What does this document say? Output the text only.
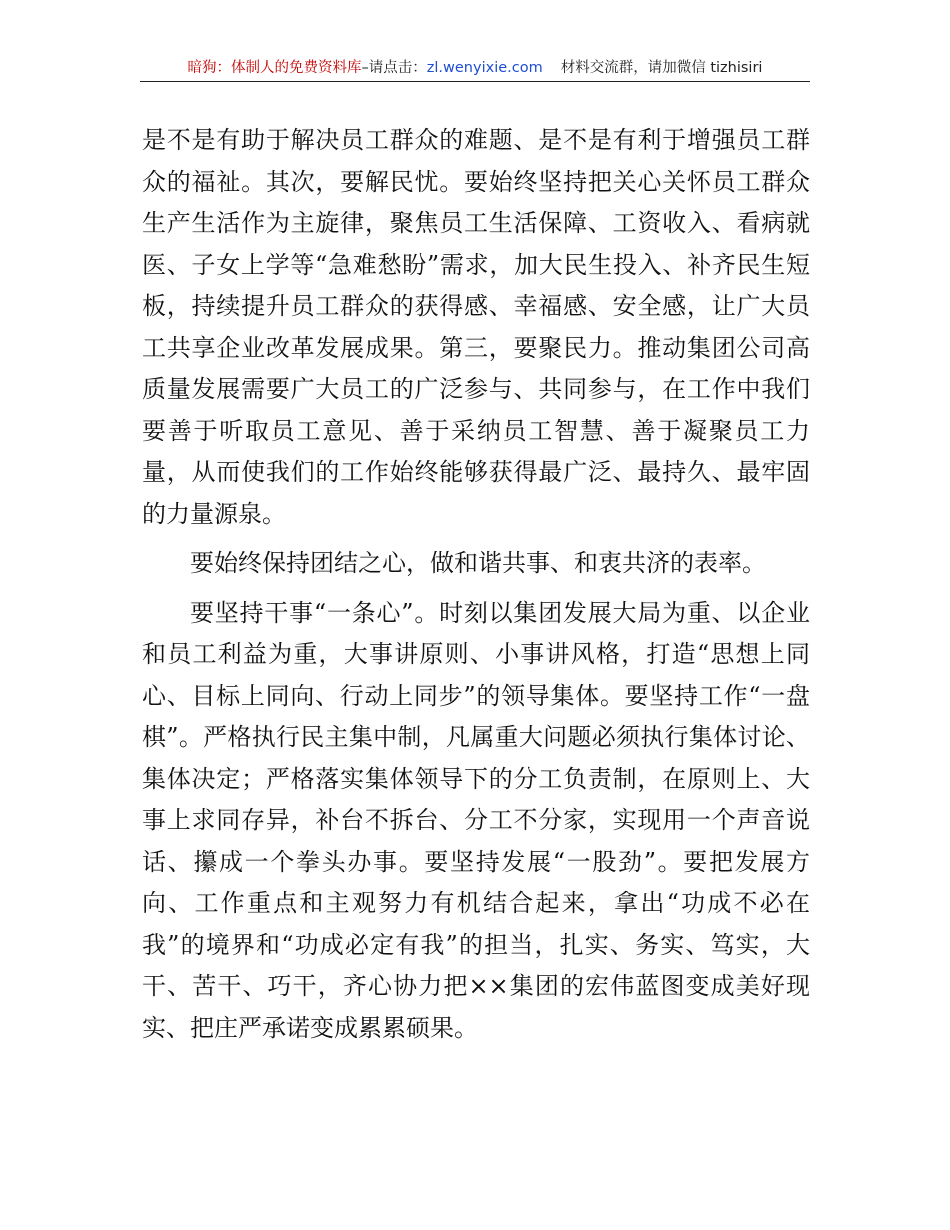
暗狗：体制人的免费资料库–请点击：zl.wenyixie.com 材料交流群，请加微信 tizhisiri

是不是有助于解决员工群众的难题、是不是有利于增强员工群众的福祉。其次，要解民忧。要始终坚持把关心关怀员工群众生产生活作为主旋律，聚焦员工生活保障、工资收入、看病就医、子女上学等“急难愁盼”需求，加大民生投入、补齐民生短板，持续提升员工群众的获得感、幸福感、安全感，让广大员工共享企业改革发展成果。第三，要聚民力。推动集团公司高质量发展需要广大员工的广泛参与、共同参与，在工作中我们要善于听取员工意见、善于采纳员工智慧、善于凝聚员工力量，从而使我们的工作始终能够获得最广泛、最持久、最牢固的力量源泉。

要始终保持团结之心，做和谐共事、和衷共济的表率。

要坚持干事“一条心”。时刻以集团发展大局为重、以企业和员工利益为重，大事讲原则、小事讲风格，打造“思想上同心、目标上同向、行动上同步”的领导集体。要坚持工作“一盘棋”。严格执行民主集中制，凡属重大问题必须执行集体讨论、集体决定；严格落实集体领导下的分工负责制，在原则上、大事上求同存异，补台不拆台、分工不分家，实现用一个声音说话、攥成一个拳头办事。要坚持发展“一股劲”。要把发展方向、工作重点和主观努力有机结合起来，拿出“功成不必在我”的境界和“功成必定有我”的担当，扎实、务实、笃实，大干、苦干、巧干，齐心协力把××集团的宏伟蓝图变成美好现实、把庄严承诺变成累累硕果。
